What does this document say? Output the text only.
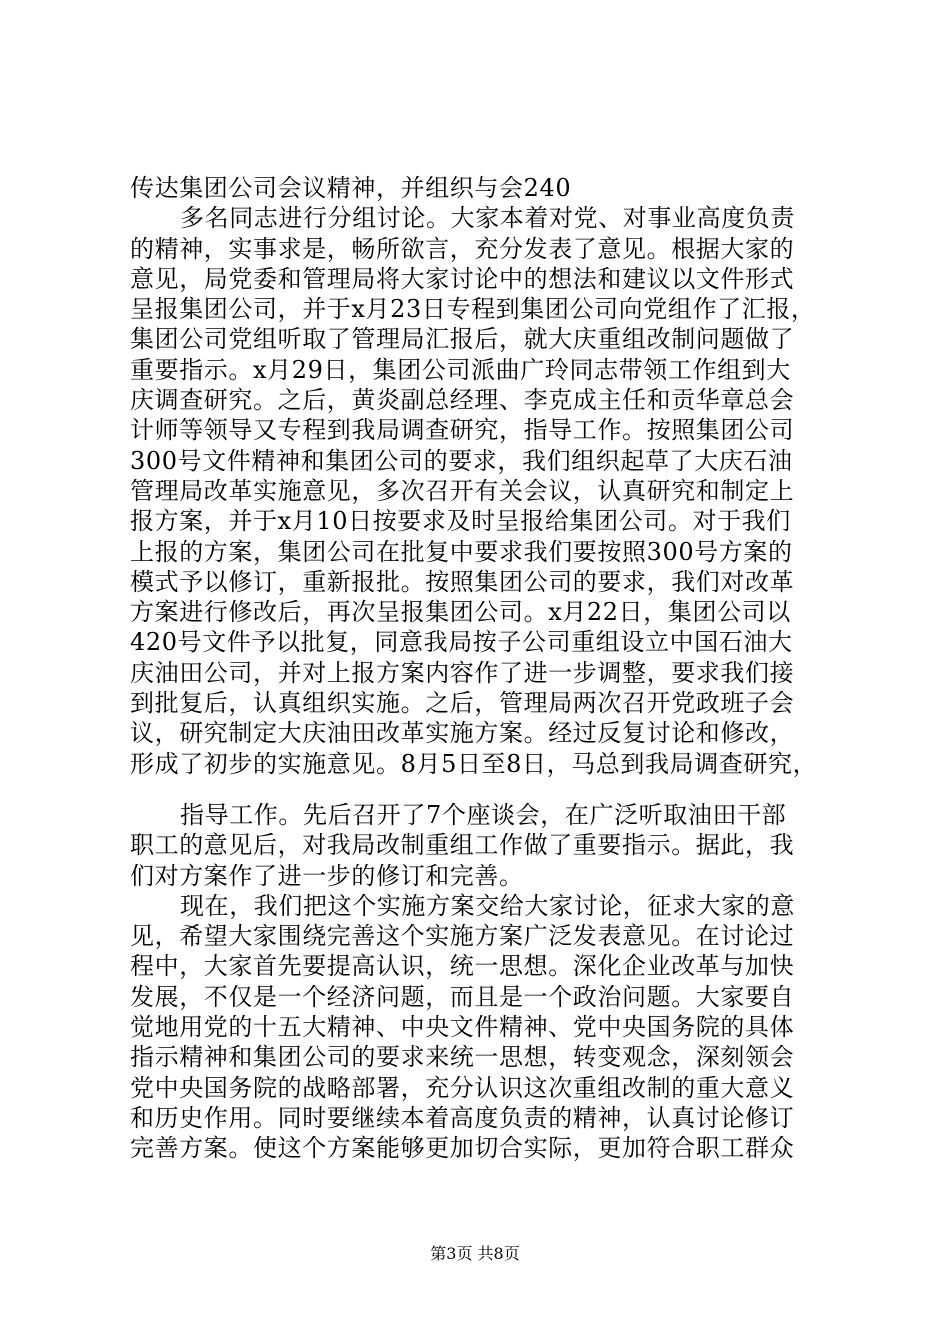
传达集团公司会议精神，并组织与会240
多名同志进行分组讨论。大家本着对党、对事业高度负责
的精神，实事求是，畅所欲言，充分发表了意见。根据大家的
意见，局党委和管理局将大家讨论中的想法和建议以文件形式
呈报集团公司，并于x月23日专程到集团公司向党组作了汇报，
集团公司党组听取了管理局汇报后，就大庆重组改制问题做了
重要指示。x月29日，集团公司派曲广玲同志带领工作组到大
庆调查研究。之后，黄炎副总经理、李克成主任和贡华章总会
计师等领导又专程到我局调查研究，指导工作。按照集团公司
300号文件精神和集团公司的要求，我们组织起草了大庆石油
管理局改革实施意见，多次召开有关会议，认真研究和制定上
报方案，并于x月10日按要求及时呈报给集团公司。对于我们
上报的方案，集团公司在批复中要求我们要按照300号方案的
模式予以修订，重新报批。按照集团公司的要求，我们对改革
方案进行修改后，再次呈报集团公司。x月22日，集团公司以
420号文件予以批复，同意我局按子公司重组设立中国石油大
庆油田公司，并对上报方案内容作了进一步调整，要求我们接
到批复后，认真组织实施。之后，管理局两次召开党政班子会
议，研究制定大庆油田改革实施方案。经过反复讨论和修改，
形成了初步的实施意见。8月5日至8日，马总到我局调查研究，
指导工作。先后召开了7个座谈会，在广泛听取油田干部
职工的意见后，对我局改制重组工作做了重要指示。据此，我
们对方案作了进一步的修订和完善。
现在，我们把这个实施方案交给大家讨论，征求大家的意
见，希望大家围绕完善这个实施方案广泛发表意见。在讨论过
程中，大家首先要提高认识，统一思想。深化企业改革与加快
发展，不仅是一个经济问题，而且是一个政治问题。大家要自
觉地用党的十五大精神、中央文件精神、党中央国务院的具体
指示精神和集团公司的要求来统一思想，转变观念，深刻领会
党中央国务院的战略部署，充分认识这次重组改制的重大意义
和历史作用。同时要继续本着高度负责的精神，认真讨论修订
完善方案。使这个方案能够更加切合实际，更加符合职工群众
第3页 共8页
